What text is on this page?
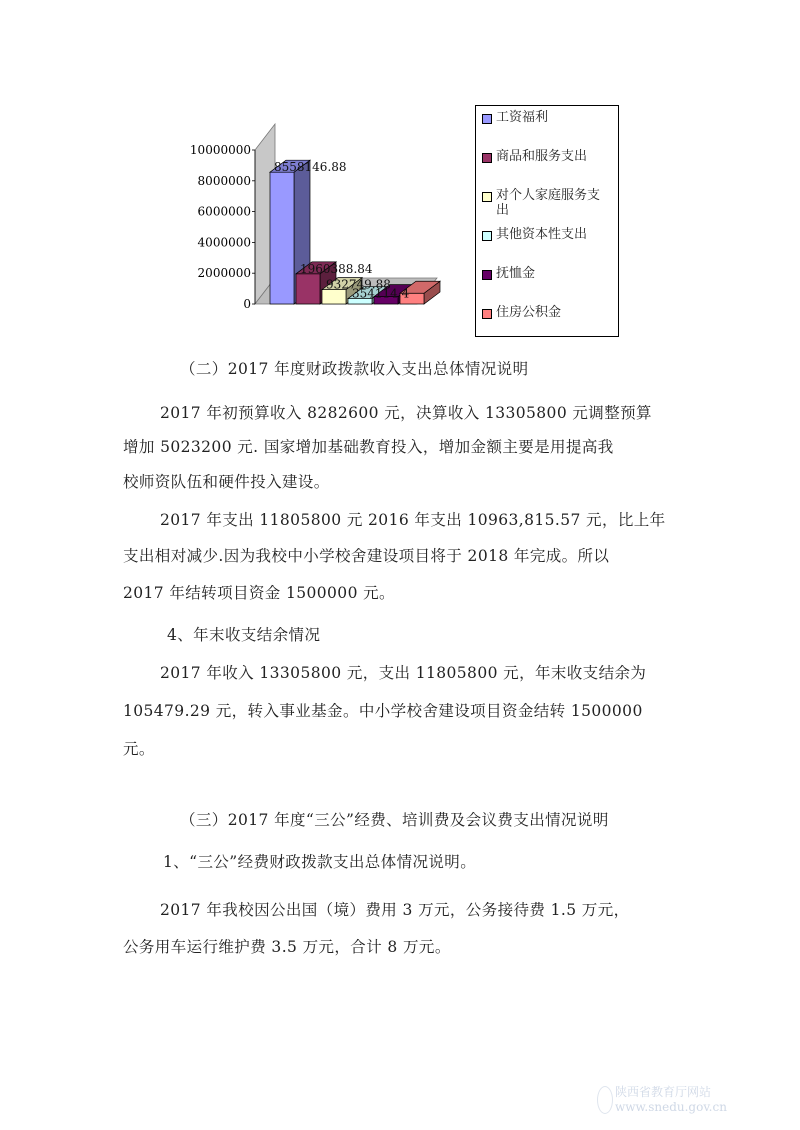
0
2000000
4000000
6000000
8000000
10000000
8558146.88
1960388.84
932749.88
354114.4
工资福利
商品和服务支出
对个人家庭服务支
出
其他资本性支出
抚恤金
住房公积金
（二）2017 年度财政拨款收入支出总体情况说明
2017 年初预算收入 8282600 元，决算收入 13305800 元调整预算
增加 5023200 元. 国家增加基础教育投入，增加金额主要是用提高我
校师资队伍和硬件投入建设。
2017 年支出 11805800 元 2016 年支出 10963,815.57 元，比上年
支出相对减少.因为我校中小学校舍建设项目将于 2018 年完成。所以
2017 年结转项目资金 1500000 元。
4、年末收支结余情况
2017 年收入 13305800 元，支出 11805800 元，年末收支结余为
105479.29 元，转入事业基金。中小学校舍建设项目资金结转 1500000
元。
（三）2017 年度“三公”经费、培训费及会议费支出情况说明
1、“三公”经费财政拨款支出总体情况说明。
2017 年我校因公出国（境）费用 3 万元，公务接待费 1.5 万元，
公务用车运行维护费 3.5 万元，合计 8 万元。
陕西省教育厅网站
www.snedu.gov.cn
